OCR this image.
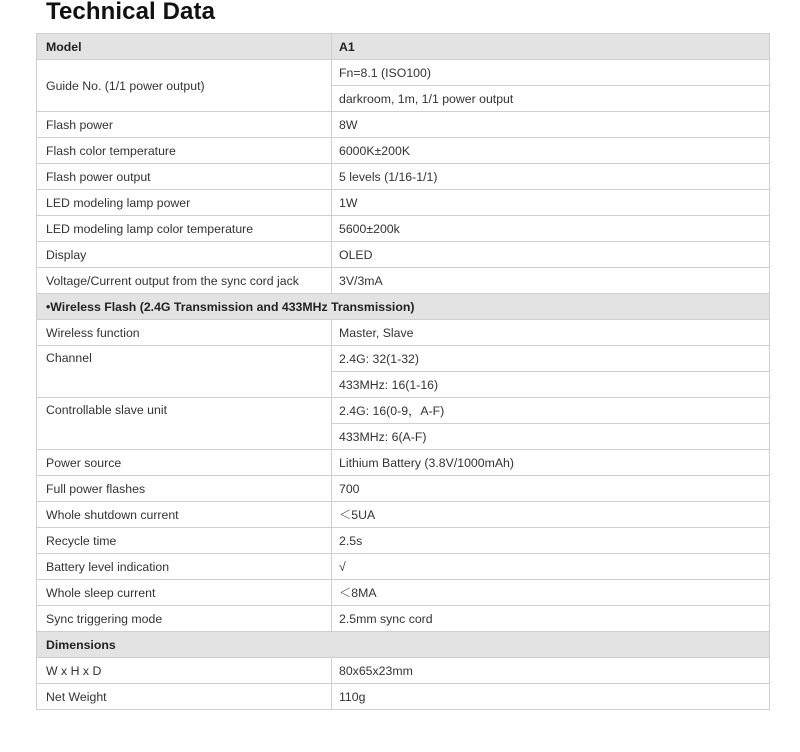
Technical Data
Model	A1
Guide No. (1/1 power output)	Fn=8.1 (ISO100)
	darkroom, 1m, 1/1 power output
Flash power	8W
Flash color temperature	6000K±200K
Flash power output	5 levels (1/16-1/1)
LED modeling lamp power	1W
LED modeling lamp color temperature	5600±200k
Display	OLED
Voltage/Current output from the sync cord jack	3V/3mA
•Wireless Flash (2.4G Transmission and 433MHz Transmission)	
Wireless function	Master, Slave
Channel	2.4G: 32(1-32)
	433MHz: 16(1-16)
Controllable slave unit	2.4G: 16(0-9，A-F)
	433MHz: 6(A-F)
Power source	Lithium Battery (3.8V/1000mAh)
Full power flashes	700
Whole shutdown current	＜5UA
Recycle time	2.5s
Battery level indication	√
Whole sleep current	＜8MA
Sync triggering mode	2.5mm sync cord
Dimensions	
W x H x D	80x65x23mm
Net Weight	110g
